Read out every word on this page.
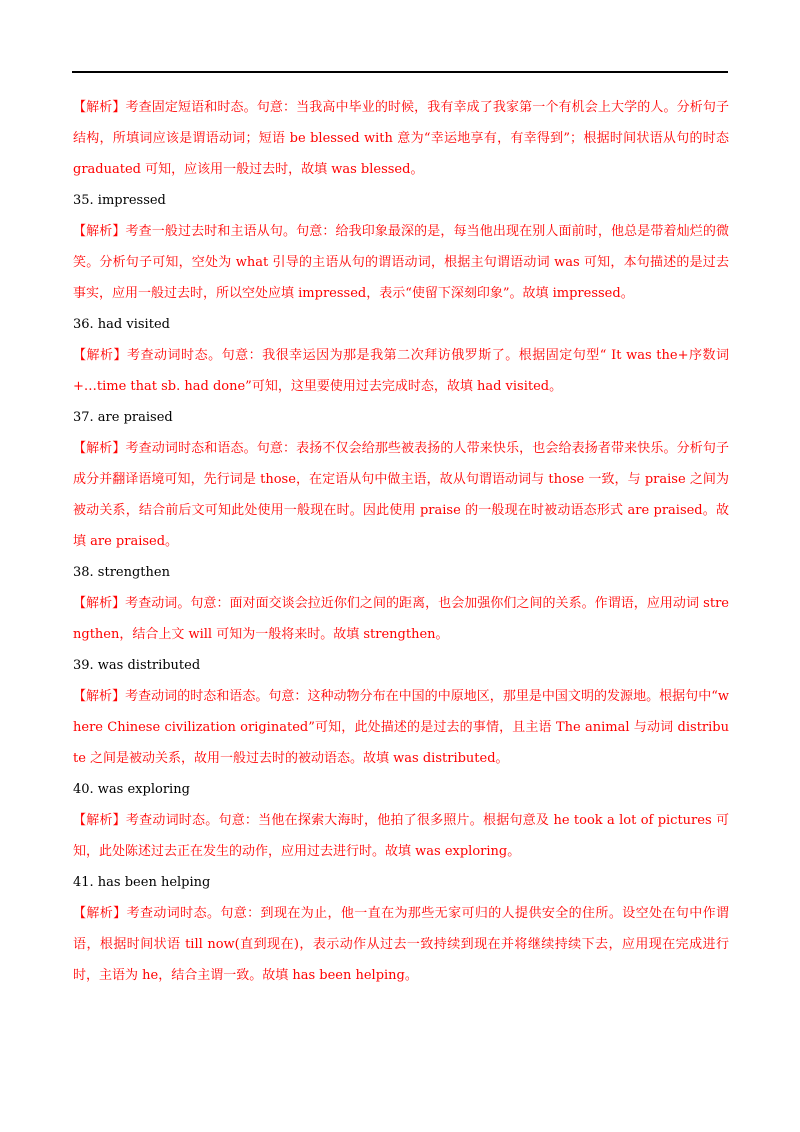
【解析】考查固定短语和时态。句意：当我高中毕业的时候，我有幸成了我家第一个有机会上大学的人。分析句子结构，所填词应该是谓语动词；短语 be blessed with 意为“幸运地享有，有幸得到”；根据时间状语从句的时态 graduated 可知，应该用一般过去时，故填 was blessed。

35. impressed

【解析】考查一般过去时和主语从句。句意：给我印象最深的是，每当他出现在别人面前时，他总是带着灿烂的微笑。分析句子可知，空处为 what 引导的主语从句的谓语动词，根据主句谓语动词 was 可知，本句描述的是过去事实，应用一般过去时，所以空处应填 impressed，表示“使留下深刻印象”。故填 impressed。

36. had visited

【解析】考查动词时态。句意：我很幸运因为那是我第二次拜访俄罗斯了。根据固定句型“ It was the+序数词+…time that sb. had done”可知，这里要使用过去完成时态，故填 had visited。

37. are praised

【解析】考查动词时态和语态。句意：表扬不仅会给那些被表扬的人带来快乐，也会给表扬者带来快乐。分析句子成分并翻译语境可知，先行词是 those，在定语从句中做主语，故从句谓语动词与 those 一致，与 praise 之间为被动关系，结合前后文可知此处使用一般现在时。因此使用 praise 的一般现在时被动语态形式 are praised。故填 are praised。

38. strengthen

【解析】考查动词。句意：面对面交谈会拉近你们之间的距离，也会加强你们之间的关系。作谓语，应用动词 strengthen，结合上文 will 可知为一般将来时。故填 strengthen。

39. was distributed

【解析】考查动词的时态和语态。句意：这种动物分布在中国的中原地区，那里是中国文明的发源地。根据句中“where Chinese civilization originated”可知，此处描述的是过去的事情，且主语 The animal 与动词 distribute 之间是被动关系，故用一般过去时的被动语态。故填 was distributed。

40. was exploring

【解析】考查动词时态。句意：当他在探索大海时，他拍了很多照片。根据句意及 he took a lot of pictures 可知，此处陈述过去正在发生的动作，应用过去进行时。故填 was exploring。

41. has been helping

【解析】考查动词时态。句意：到现在为止，他一直在为那些无家可归的人提供安全的住所。设空处在句中作谓语，根据时间状语 till now(直到现在)，表示动作从过去一致持续到现在并将继续持续下去，应用现在完成进行时，主语为 he，结合主谓一致。故填 has been helping。
